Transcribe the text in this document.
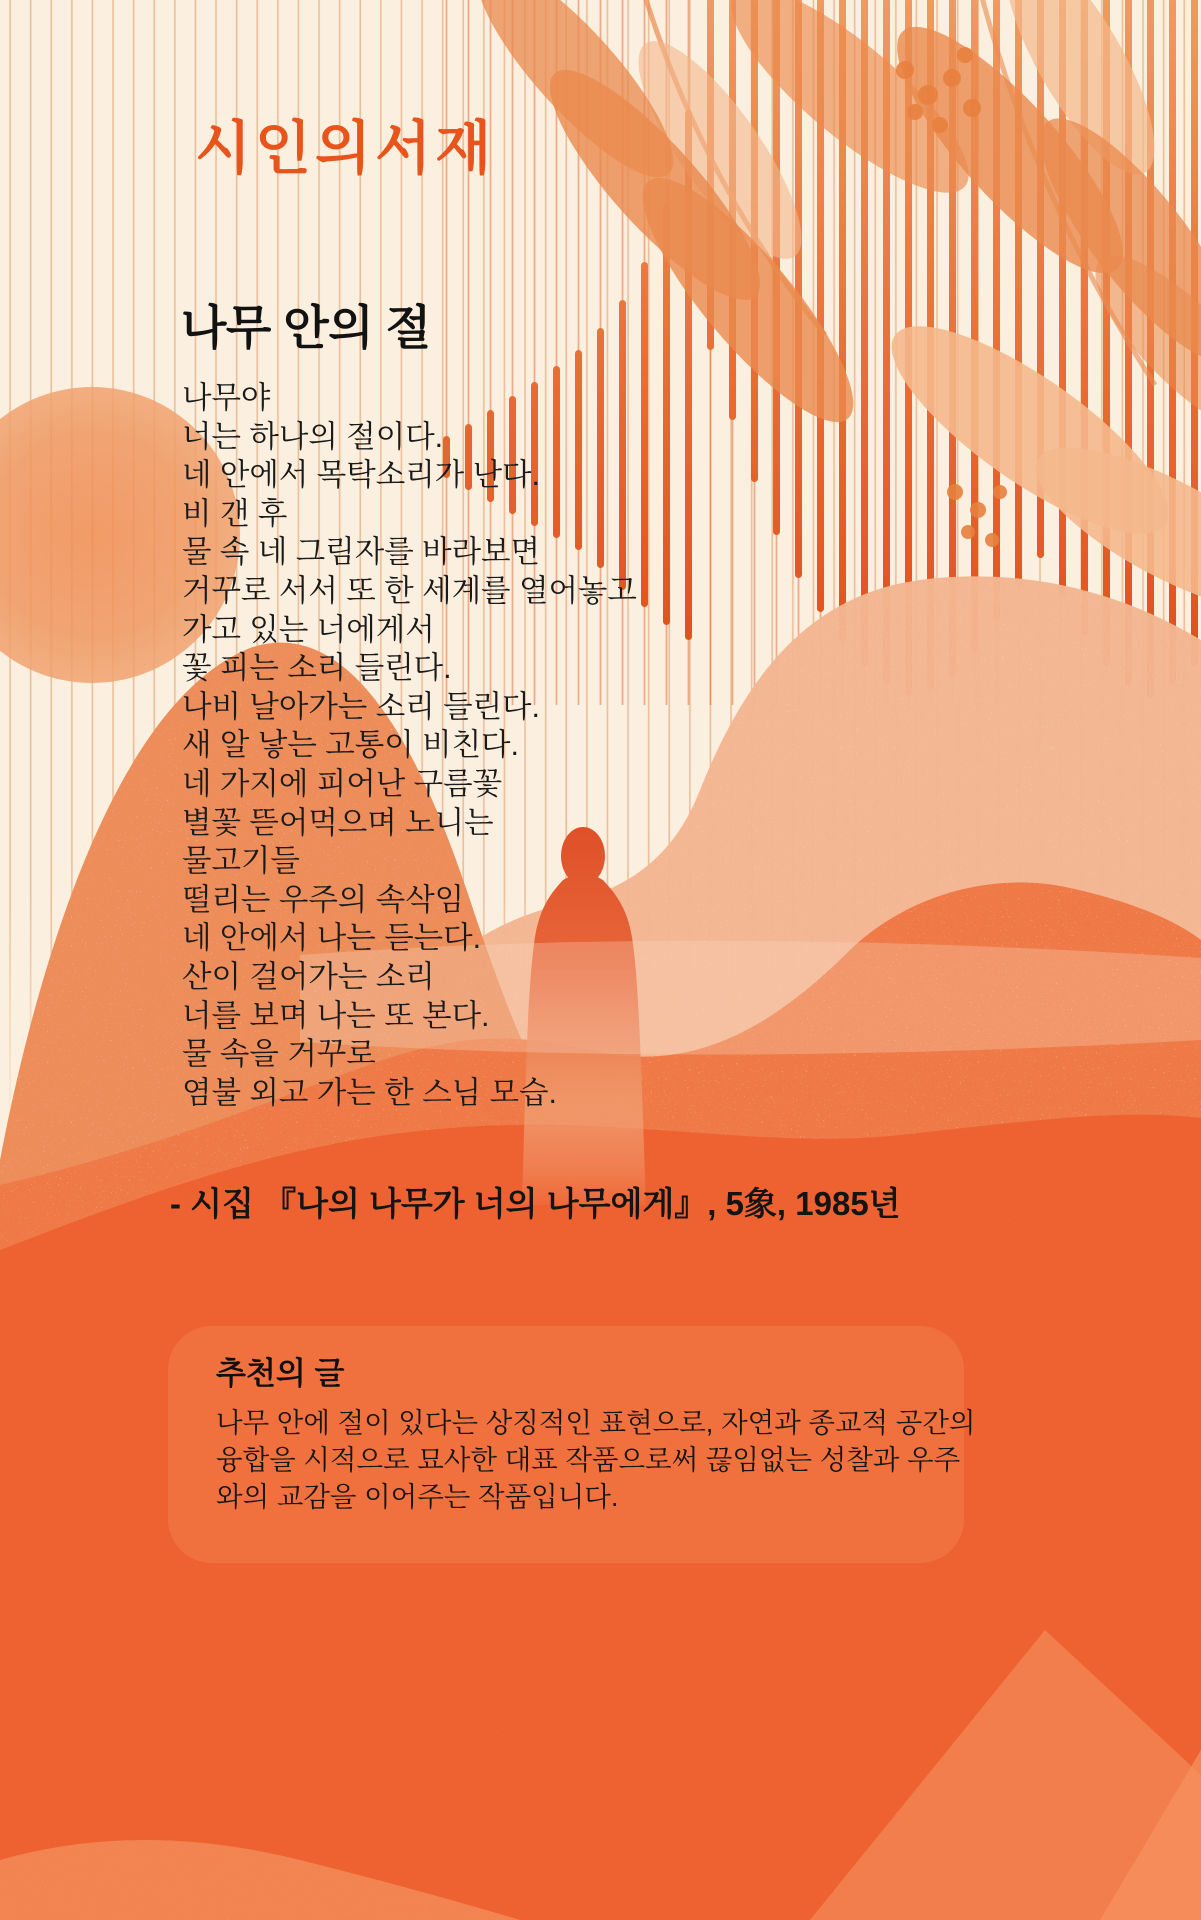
시인의서재
나무 안의 절
나무야
너는 하나의 절이다.
네 안에서 목탁소리가 난다.
비 갠 후
물 속 네 그림자를 바라보면
거꾸로 서서 또 한 세계를 열어놓고
가고 있는 너에게서
꽃 피는 소리 들린다.
나비 날아가는 소리 들린다.
새 알 낳는 고통이 비친다.
네 가지에 피어난 구름꽃
별꽃 뜯어먹으며 노니는
물고기들
떨리는 우주의 속삭임
네 안에서 나는 듣는다.
산이 걸어가는 소리
너를 보며 나는 또 본다.
물 속을 거꾸로
염불 외고 가는 한 스님 모습.
- 시집 『나의 나무가 너의 나무에게』, 5象, 1985년
추천의 글
나무 안에 절이 있다는 상징적인 표현으로, 자연과 종교적 공간의
융합을 시적으로 묘사한 대표 작품으로써 끊임없는 성찰과 우주
와의 교감을 이어주는 작품입니다.
